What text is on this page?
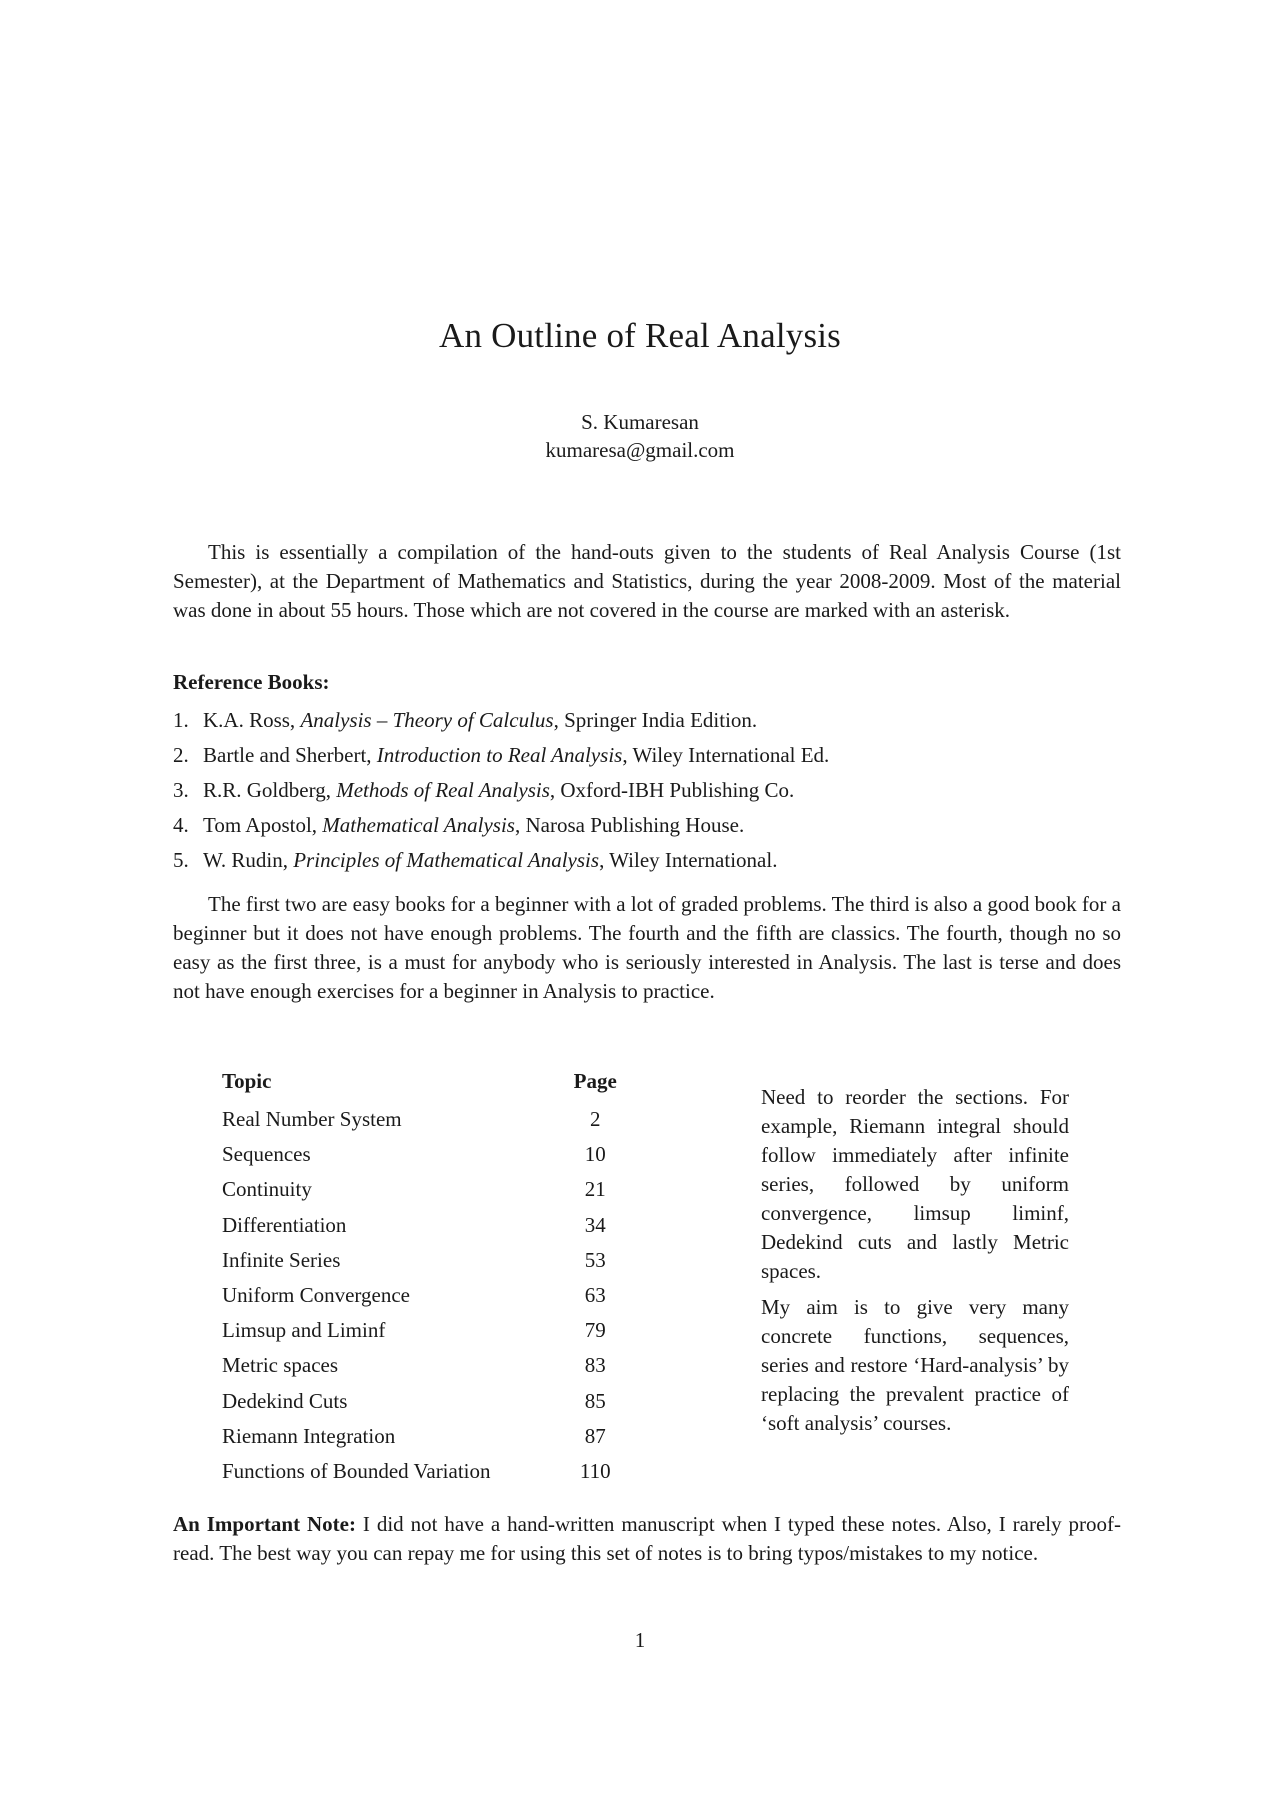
An Outline of Real Analysis
S. Kumaresan
kumaresa@gmail.com

This is essentially a compilation of the hand-outs given to the students of Real Analysis Course (1st Semester), at the Department of Mathematics and Statistics, during the year 2008-2009. Most of the material was done in about 55 hours. Those which are not covered in the course are marked with an asterisk.

Reference Books:
1. K.A. Ross, Analysis – Theory of Calculus, Springer India Edition.
2. Bartle and Sherbert, Introduction to Real Analysis, Wiley International Ed.
3. R.R. Goldberg, Methods of Real Analysis, Oxford-IBH Publishing Co.
4. Tom Apostol, Mathematical Analysis, Narosa Publishing House.
5. W. Rudin, Principles of Mathematical Analysis, Wiley International.

The first two are easy books for a beginner with a lot of graded problems. The third is also a good book for a beginner but it does not have enough problems. The fourth and the fifth are classics. The fourth, though no so easy as the first three, is a must for anybody who is seriously interested in Analysis. The last is terse and does not have enough exercises for a beginner in Analysis to practice.

Topic	Page
Real Number System	2
Sequences	10
Continuity	21
Differentiation	34
Infinite Series	53
Uniform Convergence	63
Limsup and Liminf	79
Metric spaces	83
Dedekind Cuts	85
Riemann Integration	87
Functions of Bounded Variation	110

Need to reorder the sections. For example, Riemann integral should follow immediately after infinite series, followed by uniform convergence, limsup liminf, Dedekind cuts and lastly Metric spaces.

My aim is to give very many concrete functions, sequences, series and restore ‘Hard-analysis’ by replacing the prevalent practice of ‘soft analysis’ courses.

An Important Note: I did not have a hand-written manuscript when I typed these notes. Also, I rarely proof-read. The best way you can repay me for using this set of notes is to bring typos/mistakes to my notice.
1
